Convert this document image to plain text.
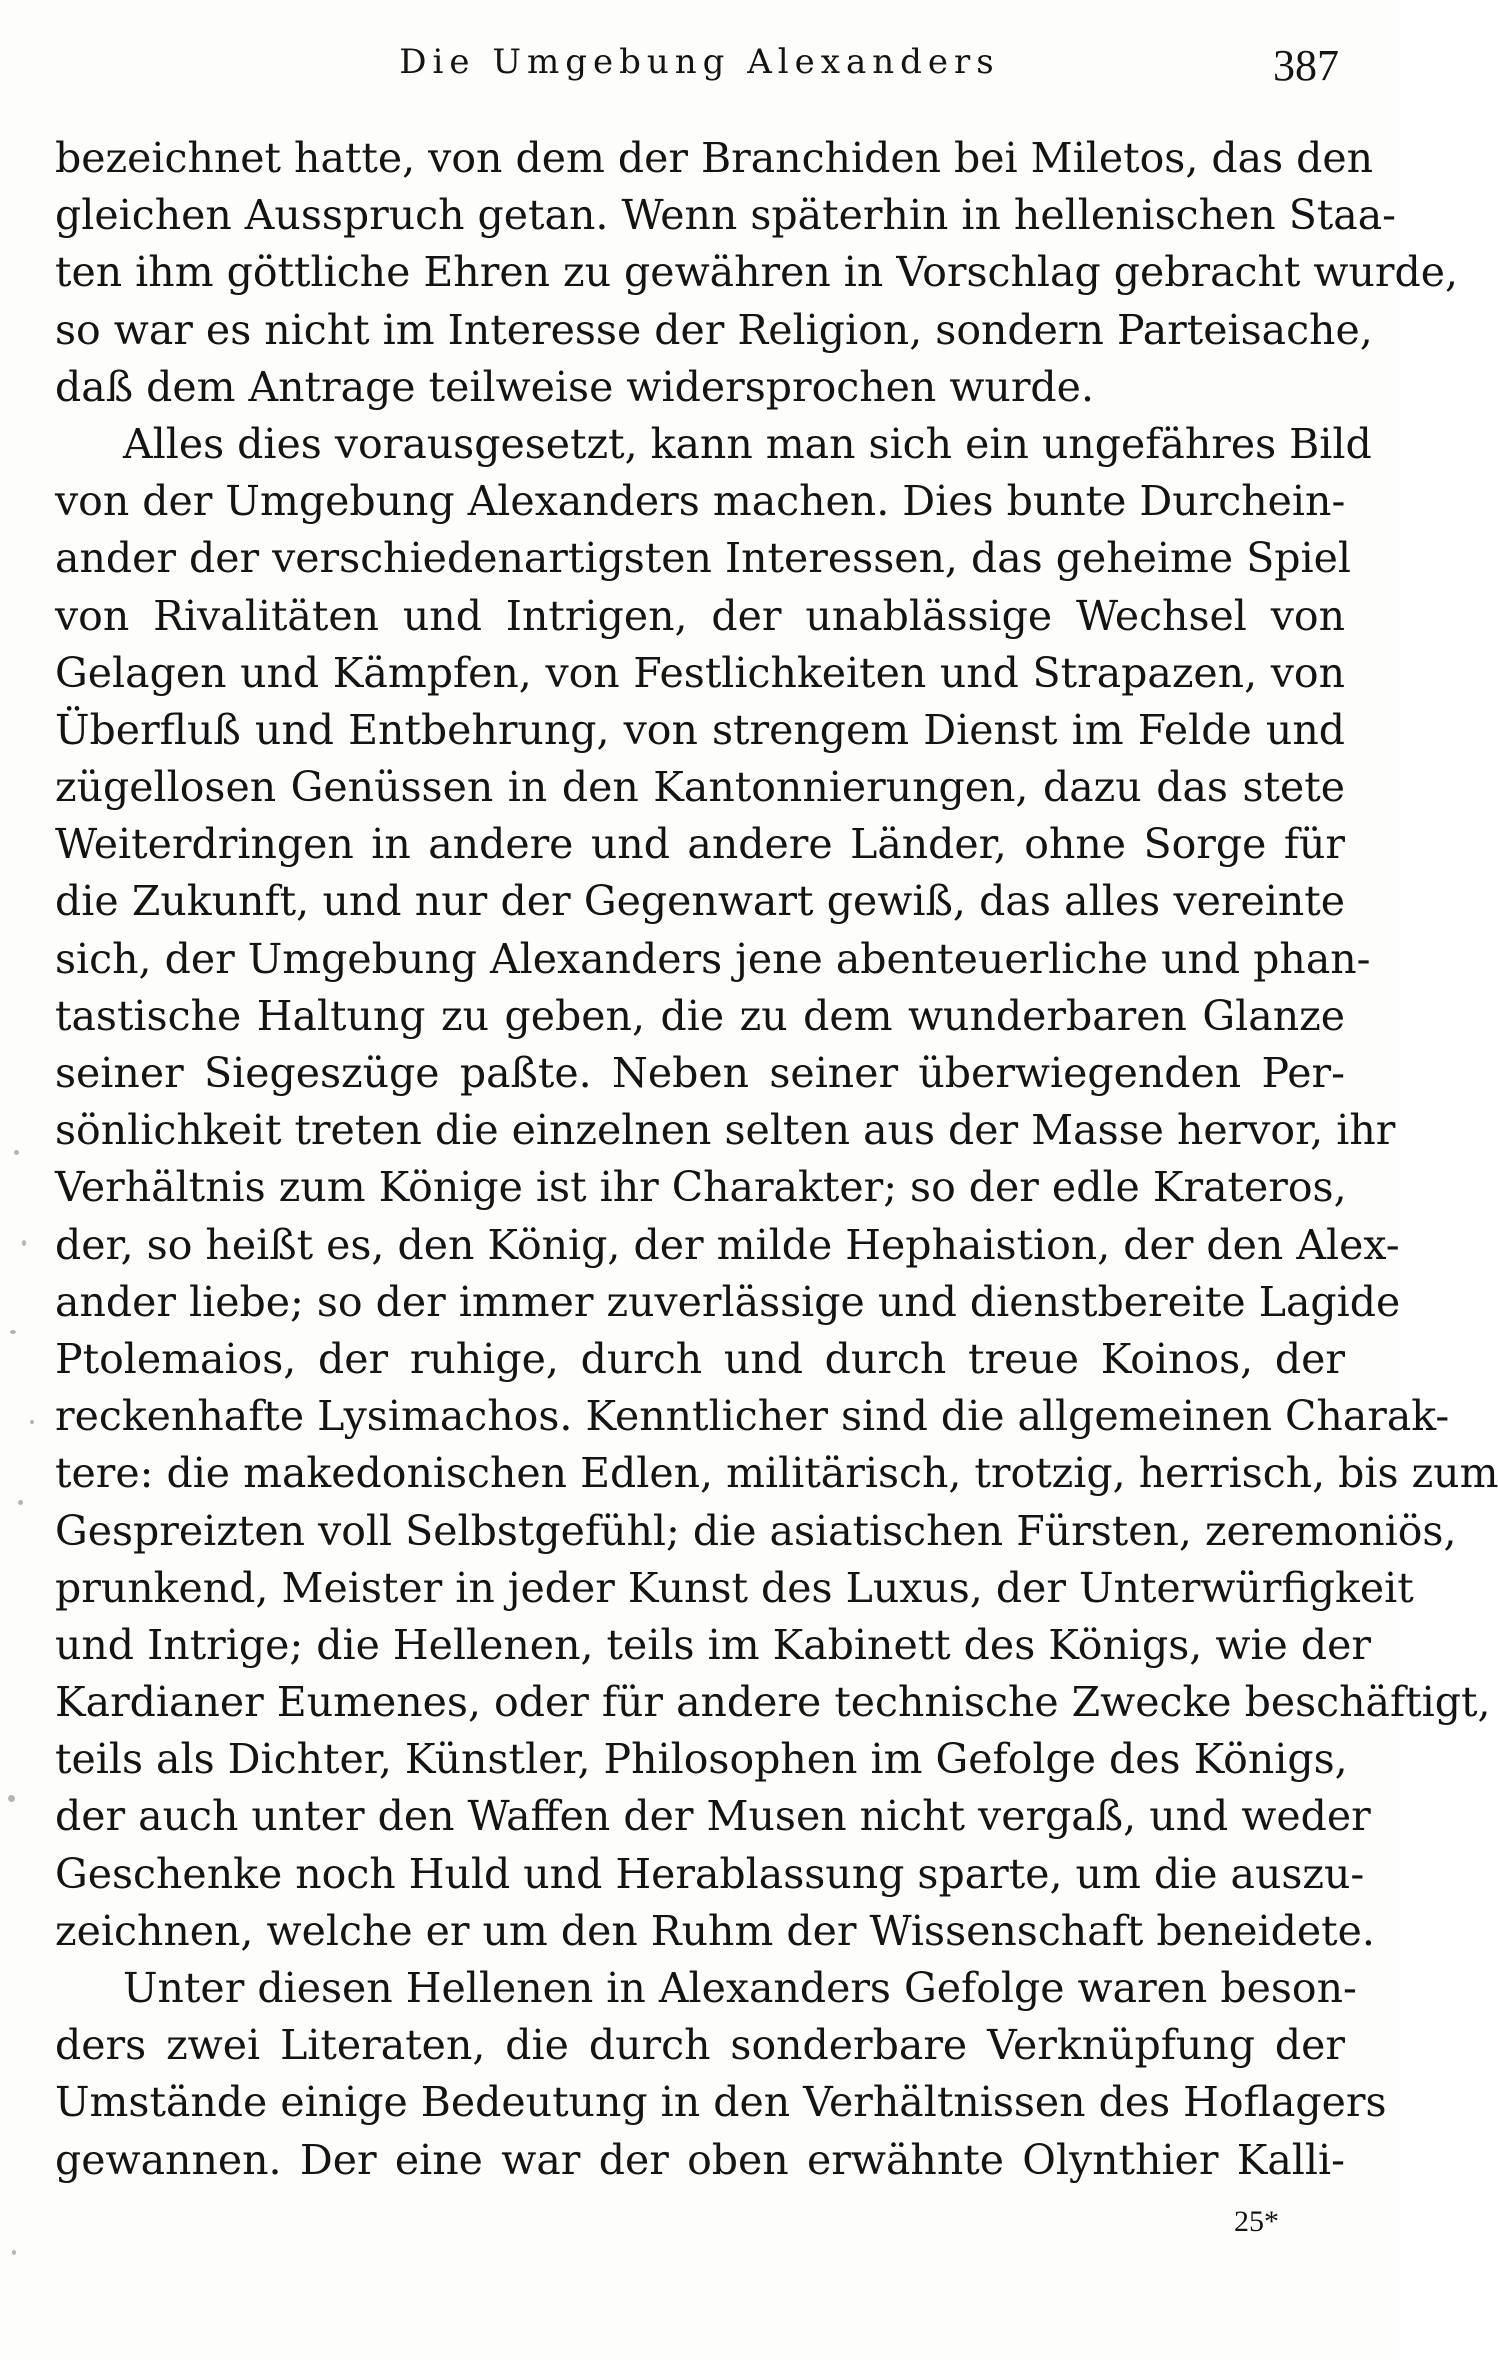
Die Umgebung Alexanders	387
bezeichnet hatte, von dem der Branchiden bei Miletos, das den
gleichen Ausspruch getan. Wenn späterhin in hellenischen Staa-
ten ihm göttliche Ehren zu gewähren in Vorschlag gebracht wurde,
so war es nicht im Interesse der Religion, sondern Parteisache,
daß dem Antrage teilweise widersprochen wurde.
Alles dies vorausgesetzt, kann man sich ein ungefähres Bild
von der Umgebung Alexanders machen. Dies bunte Durchein-
ander der verschiedenartigsten Interessen, das geheime Spiel
von Rivalitäten und Intrigen, der unablässige Wechsel von
Gelagen und Kämpfen, von Festlichkeiten und Strapazen, von
Überfluß und Entbehrung, von strengem Dienst im Felde und
zügellosen Genüssen in den Kantonnierungen, dazu das stete
Weiterdringen in andere und andere Länder, ohne Sorge für
die Zukunft, und nur der Gegenwart gewiß, das alles vereinte
sich, der Umgebung Alexanders jene abenteuerliche und phan-
tastische Haltung zu geben, die zu dem wunderbaren Glanze
seiner Siegeszüge paßte. Neben seiner überwiegenden Per-
sönlichkeit treten die einzelnen selten aus der Masse hervor, ihr
Verhältnis zum Könige ist ihr Charakter; so der edle Krateros,
der, so heißt es, den König, der milde Hephaistion, der den Alex-
ander liebe; so der immer zuverlässige und dienstbereite Lagide
Ptolemaios, der ruhige, durch und durch treue Koinos, der
reckenhafte Lysimachos. Kenntlicher sind die allgemeinen Charak-
tere: die makedonischen Edlen, militärisch, trotzig, herrisch, bis zum
Gespreizten voll Selbstgefühl; die asiatischen Fürsten, zeremoniös,
prunkend, Meister in jeder Kunst des Luxus, der Unterwürfigkeit
und Intrige; die Hellenen, teils im Kabinett des Königs, wie der
Kardianer Eumenes, oder für andere technische Zwecke beschäftigt,
teils als Dichter, Künstler, Philosophen im Gefolge des Königs,
der auch unter den Waffen der Musen nicht vergaß, und weder
Geschenke noch Huld und Herablassung sparte, um die auszu-
zeichnen, welche er um den Ruhm der Wissenschaft beneidete.
Unter diesen Hellenen in Alexanders Gefolge waren beson-
ders zwei Literaten, die durch sonderbare Verknüpfung der
Umstände einige Bedeutung in den Verhältnissen des Hoflagers
gewannen. Der eine war der oben erwähnte Olynthier Kalli-
25*
